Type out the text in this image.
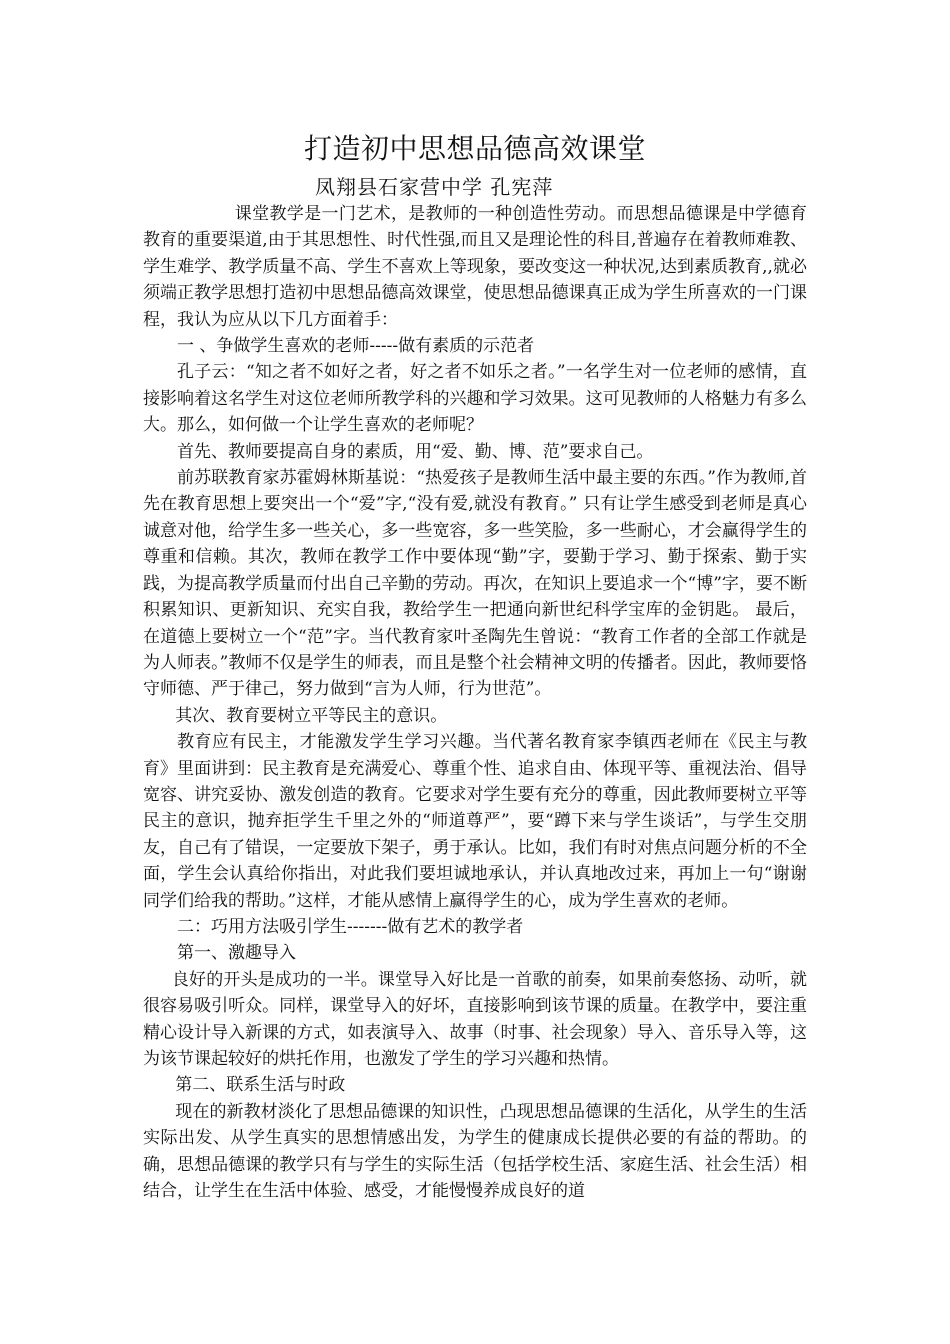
打造初中思想品德高效课堂
凤翔县石家营中学 孔宪萍

课堂教学是一门艺术，是教师的一种创造性劳动。而思想品德课是中学德育教育的重要渠道,由于其思想性、时代性强,而且又是理论性的科目,普遍存在着教师难教、学生难学、教学质量不高、学生不喜欢上等现象，要改变这一种状况,达到素质教育,,就必须端正教学思想打造初中思想品德高效课堂，使思想品德课真正成为学生所喜欢的一门课程，我认为应从以下几方面着手：

一 、争做学生喜欢的老师-----做有素质的示范者

孔子云：“知之者不如好之者，好之者不如乐之者。”一名学生对一位老师的感情，直接影响着这名学生对这位老师所教学科的兴趣和学习效果。这可见教师的人格魅力有多么大。那么，如何做一个让学生喜欢的老师呢？

首先、教师要提高自身的素质，用“爱、勤、博、范”要求自己。

前苏联教育家苏霍姆林斯基说：“热爱孩子是教师生活中最主要的东西。”作为教师,首先在教育思想上要突出一个“爱”字,“没有爱,就没有教育。” 只有让学生感受到老师是真心诚意对他，给学生多一些关心，多一些宽容，多一些笑脸，多一些耐心，才会赢得学生的尊重和信赖。其次，教师在教学工作中要体现“勤”字，要勤于学习、勤于探索、勤于实践，为提高教学质量而付出自己辛勤的劳动。再次，在知识上要追求一个“博”字，要不断积累知识、更新知识、充实自我，教给学生一把通向新世纪科学宝库的金钥匙。 最后，在道德上要树立一个“范”字。当代教育家叶圣陶先生曾说：“教育工作者的全部工作就是为人师表。”教师不仅是学生的师表，而且是整个社会精神文明的传播者。因此，教师要恪守师德、严于律己，努力做到“言为人师，行为世范”。

其次、教育要树立平等民主的意识。

教育应有民主，才能激发学生学习兴趣。当代著名教育家李镇西老师在《民主与教育》里面讲到：民主教育是充满爱心、尊重个性、追求自由、体现平等、重视法治、倡导宽容、讲究妥协、激发创造的教育。它要求对学生要有充分的尊重，因此教师要树立平等民主的意识，抛弃拒学生千里之外的“师道尊严”，要“蹲下来与学生谈话”，与学生交朋友，自己有了错误，一定要放下架子，勇于承认。比如，我们有时对焦点问题分析的不全面，学生会认真给你指出，对此我们要坦诚地承认，并认真地改过来，再加上一句“谢谢同学们给我的帮助。”这样，才能从感情上赢得学生的心，成为学生喜欢的老师。

二：巧用方法吸引学生-------做有艺术的教学者

第一、激趣导入

良好的开头是成功的一半。课堂导入好比是一首歌的前奏，如果前奏悠扬、动听，就很容易吸引听众。同样，课堂导入的好坏，直接影响到该节课的质量。在教学中，要注重精心设计导入新课的方式，如表演导入、故事（时事、社会现象）导入、音乐导入等，这为该节课起较好的烘托作用，也激发了学生的学习兴趣和热情。

第二、联系生活与时政

现在的新教材淡化了思想品德课的知识性，凸现思想品德课的生活化，从学生的生活实际出发、从学生真实的思想情感出发，为学生的健康成长提供必要的有益的帮助。的确，思想品德课的教学只有与学生的实际生活（包括学校生活、家庭生活、社会生活）相结合，让学生在生活中体验、感受，才能慢慢养成良好的道
